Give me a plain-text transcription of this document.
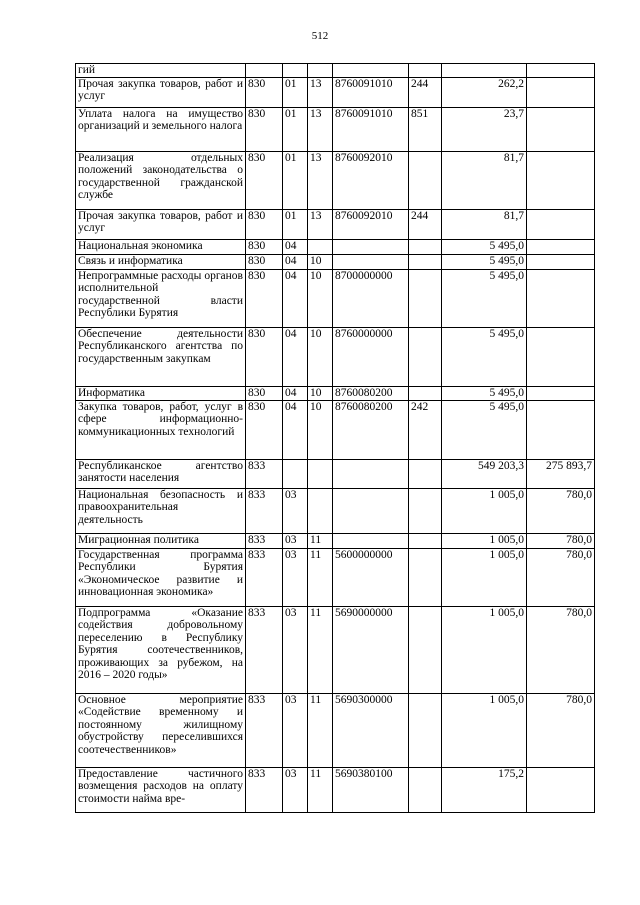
512
гий							
Прочая закупка товаров, работ и услуг	830	01	13	8760091010	244	262,2	
Уплата налога на имущество организаций и земельного налога	830	01	13	8760091010	851	23,7	
Реализация отдельных положений законодательства о государственной гражданской службе	830	01	13	8760092010		81,7	
Прочая закупка товаров, работ и услуг	830	01	13	8760092010	244	81,7	
Национальная экономика	830	04				5 495,0	
Связь и информатика	830	04	10			5 495,0	
Непрограммные расходы органов исполнительной государственной власти Республики Бурятия	830	04	10	8700000000		5 495,0	
Обеспечение деятельности Республиканского агентства по государственным закупкам	830	04	10	8760000000		5 495,0	
Информатика	830	04	10	8760080200		5 495,0	
Закупка товаров, работ, услуг в сфере информационно-коммуникационных технологий	830	04	10	8760080200	242	5 495,0	
Республиканское агентство занятости населения	833					549 203,3	275 893,7
Национальная безопасность и правоохранительная деятельность	833	03				1 005,0	780,0
Миграционная политика	833	03	11			1 005,0	780,0
Государственная программа Республики Бурятия «Экономическое развитие и инновационная экономика»	833	03	11	5600000000		1 005,0	780,0
Подпрограмма «Оказание содействия добровольному переселению в Республику Бурятия соотечественников, проживающих за рубежом, на 2016 – 2020 годы»	833	03	11	5690000000		1 005,0	780,0
Основное мероприятие «Содействие временному и постоянному жилищному обустройству переселившихся соотечественников»	833	03	11	5690300000		1 005,0	780,0
Предоставление частичного возмещения расходов на оплату стоимости найма вре-	833	03	11	5690380100		175,2	
